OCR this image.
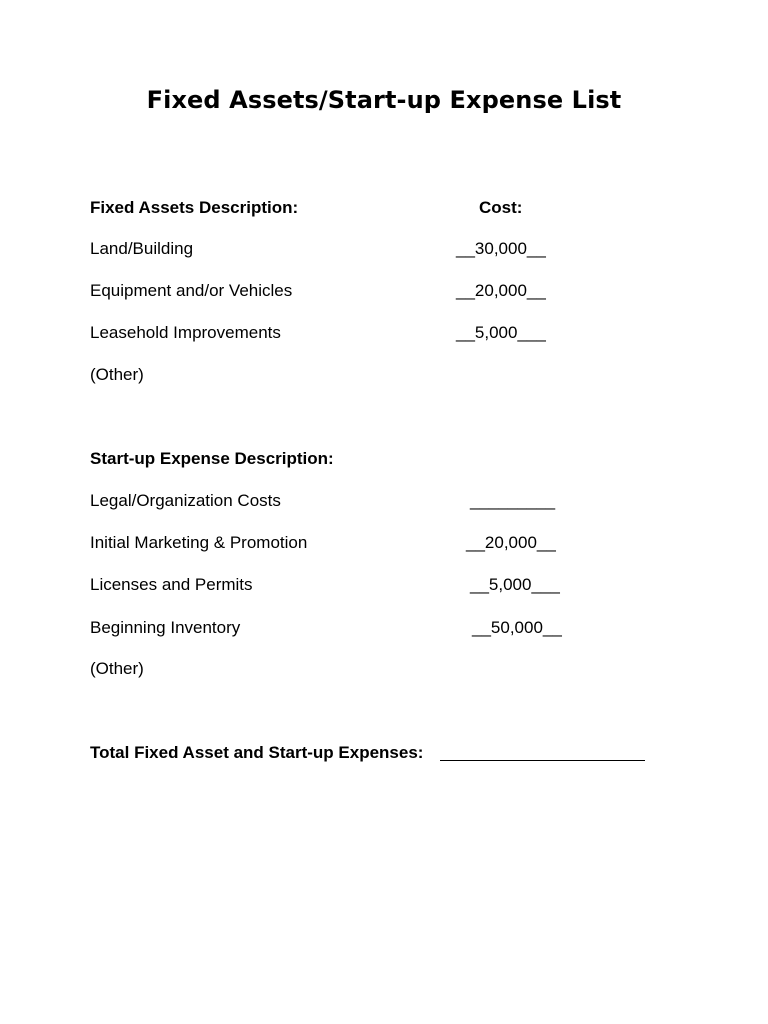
Fixed Assets/Start-up Expense List
Fixed Assets Description:	Cost:
Land/Building	__30,000__
Equipment and/or Vehicles	__20,000__
Leasehold Improvements	__5,000___
(Other)
Start-up Expense Description:
Legal/Organization Costs	_________
Initial Marketing & Promotion	__20,000__
Licenses and Permits	__5,000___
Beginning Inventory	__50,000__
(Other)
Total Fixed Asset and Start-up Expenses:
